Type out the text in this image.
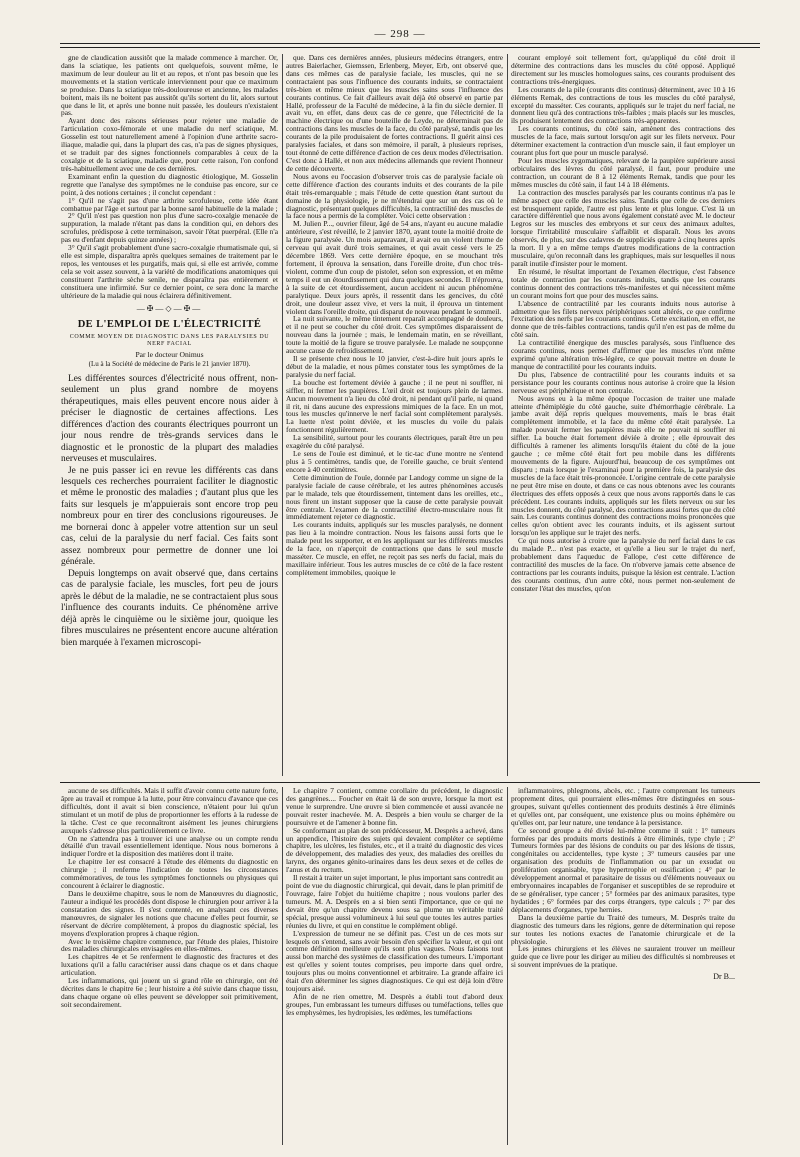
— 298 —

gne de claudication aussitôt que la malade commence à marcher. Or, dans la sciatique, les patients ont quelquefois, souvent même, le maximum de leur douleur au lit et au repos, et n'ont pas besoin que les mouvements et la station verticale interviennent pour que ce maximum se produise. Dans la sciatique très-douloureuse et ancienne, les malades boitent, mais ils ne boitent pas aussitôt qu'ils sortent du lit, alors surtout que dans le lit, et après une bonne nuit passée, les douleurs n'existaient pas.

Ayant donc des raisons sérieuses pour rejeter une maladie de l'articulation coxo-fémorale et une maladie du nerf sciatique, M. Gosselin est tout naturellement amené à l'opinion d'une arthrite sacro-iliaque, maladie qui, dans la plupart des cas, n'a pas de signes physiques, et se traduit par des signes fonctionnels comparables à ceux de la coxalgie et de la sciatique, maladie que, pour cette raison, l'on confond très-habituellement avec une de ces dernières.

Examinant enfin la question du diagnostic étiologique, M. Gosselin regrette que l'analyse des symptômes ne le conduise pas encore, sur ce point, à des notions certaines ; il conclut cependant :

1° Qu'il ne s'agit pas d'une arthrite scrofuleuse, cette idée étant combattue par l'âge et surtout par la bonne santé habituelle de la malade ;

2° Qu'il n'est pas question non plus d'une sacro-coxalgie menacée de suppuration, la malade n'étant pas dans la condition qui, en dehors des scrofules, prédispose à cette terminaison, savoir l'état puerpéral. (Elle n'a pas eu d'enfant depuis quinze années) ;

3° Qu'il s'agit probablement d'une sacro-coxalgie rhumatismale qui, si elle est simple, disparaîtra après quelques semaines de traitement par le repos, les ventouses et les purgatifs, mais qui, si elle est arrivée, comme cela se voit assez souvent, à la variété de modifications anatomiques qui constituent l'arthrite sèche senile, ne disparaîtra pas entièrement et constituera une infirmité. Sur ce dernier point, ce sera donc la marche ultérieure de la maladie qui nous éclairera définitivement.

—✠—◇—✠—
DE L'EMPLOI DE L'ÉLECTRICITÉ
COMME MOYEN DE DIAGNOSTIC DANS LES PARALYSIES DU NERF FACIAL
Par le docteur Onimus
(Lu à la Société de médecine de Paris le 21 janvier 1870).

Les différentes sources d'électricité nous offrent, non-seulement un plus grand nombre de moyens thérapeutiques, mais elles peuvent encore nous aider à préciser le diagnostic de certaines affections. Les différences d'action des courants électriques pourront un jour nous rendre de très-grands services dans le diagnostic et le pronostic de la plupart des maladies nerveuses et musculaires.

Je ne puis passer ici en revue les différents cas dans lesquels ces recherches pourraient faciliter le diagnostic et même le pronostic des maladies ; d'autant plus que les faits sur lesquels je m'appuierais sont encore trop peu nombreux pour en tirer des conclusions rigoureuses. Je me bornerai donc à appeler votre attention sur un seul cas, celui de la paralysie du nerf facial. Ces faits sont assez nombreux pour permettre de donner une loi générale.

Depuis longtemps on avait observé que, dans certains cas de paralysie faciale, les muscles, fort peu de jours après le début de la maladie, ne se contractaient plus sous l'influence des courants induits. Ce phénomène arrive déjà après le cinquième ou le sixième jour, quoique les fibres musculaires ne présentent encore aucune altération bien marquée à l'examen microscopi-

que. Dans ces dernières années, plusieurs médecins étrangers, entre autres Baierlacher, Giemssen, Erlenberg, Meyer, Erb, ont observé que, dans ces mêmes cas de paralysie faciale, les muscles, qui ne se contractaient pas sous l'influence des courants induits, se contractaient très-bien et même mieux que les muscles sains sous l'influence des courants continus. Ce fait d'ailleurs avait déjà été observé en partie par Hallé, professeur de la Faculté de médecine, à la fin du siècle dernier. Il avait vu, en effet, dans deux cas de ce genre, que l'électricité de la machine électrique ou d'une bouteille de Leyde, ne déterminait pas de contractions dans les muscles de la face, du côté paralysé, tandis que les courants de la pile produisaient de fortes contractions. Il guérit ainsi ces paralysies faciales, et dans son mémoire, il paraît, à plusieurs reprises, tout étonné de cette différence d'action de ces deux modes d'électrisation. C'est donc à Hallé, et non aux médecins allemands que revient l'honneur de cette découverte.

Nous avons eu l'occasion d'observer trois cas de paralysie faciale où cette différence d'action des courants induits et des courants de la pile était très-remarquable ; mais l'étude de cette question étant surtout du domaine de la physiologie, je ne m'étendrai que sur un des cas où le diagnostic, présentant quelques difficultés, la contractilité des muscles de la face nous a permis de la compléter. Voici cette observation :

M. Julien P..., ouvrier fileur, âgé de 54 ans, n'ayant eu aucune maladie antérieure, s'est réveillé, le 2 janvier 1870, ayant toute la moitié droite de la figure paralysée. Un mois auparavant, il avait eu un violent rhume de cerveau qui avait duré trois semaines, et qui avait cessé vers le 25 décembre 1869. Vers cette dernière époque, en se mouchant très fortement, il éprouva la sensation, dans l'oreille droite, d'un choc très-violent, comme d'un coup de pistolet, selon son expression, et en même temps il eut un étourdissement qui dura quelques secondes. Il n'éprouva, à la suite de cet étourdissement, aucun accident ni aucun phénomène paralytique. Deux jours après, il ressentit dans les gencives, du côté droit, une douleur assez vive, et vers la nuit, il éprouva un tintement violent dans l'oreille droite, qui disparut de nouveau pendant le sommeil.

La nuit suivante, le même tintement reparaît accompagné de douleurs, et il ne peut se coucher du côté droit. Ces symptômes disparaissent de nouveau dans la journée ; mais, le lendemain matin, en se réveillant, toute la moitié de la figure se trouve paralysée. Le malade ne soupçonne aucune cause de refroidissement.

Il se présente chez nous le 10 janvier, c'est-à-dire huit jours après le début de la maladie, et nous pûmes constater tous les symptômes de la paralysie du nerf facial.

La bouche est fortement déviée à gauche ; il ne peut ni souffler, ni siffler, ni fermer les paupières. L'œil droit est toujours plein de larmes. Aucun mouvement n'a lieu du côté droit, ni pendant qu'il parle, ni quand il rit, ni dans aucune des expressions mimiques de la face. En un mot, tous les muscles qu'innerve le nerf facial sont complètement paralysés. La luette n'est point déviée, et les muscles du voile du palais fonctionnent régulièrement.

La sensibilité, surtout pour les courants électriques, paraît être un peu exagérée du côté paralysé.

Le sens de l'ouïe est diminué, et le tic-tac d'une montre ne s'entend plus à 5 centimètres, tandis que, de l'oreille gauche, ce bruit s'entend encore à 40 centimètres.

Cette diminution de l'ouïe, donnée par Landogy comme un signe de la paralysie faciale de cause cérébrale, et les autres phénomènes accusés par le malade, tels que étourdissement, tintement dans les oreilles, etc., nous firent un instant supposer que la cause de cette paralysie pouvait être centrale. L'examen de la contractilité électro-musculaire nous fit immédiatement rejeter ce diagnostic.

Les courants induits, appliqués sur les muscles paralysés, ne donnent pas lieu à la moindre contraction. Nous les faisons aussi forts que le malade peut les supporter, et en les appliquant sur les différents muscles de la face, on n'aperçoit de contractions que dans le seul muscle masséter. Ce muscle, en effet, ne reçoit pas ses nerfs du facial, mais du maxillaire inférieur. Tous les autres muscles de ce côté de la face restent complètement immobiles, quoique le

courant employé soit tellement fort, qu'appliqué du côté droit il détermine des contractions dans les muscles du côté opposé. Appliqué directement sur les muscles homologues sains, ces courants produisent des contractions très-énergiques.

Les courants de la pile (courants dits continus) déterminent, avec 10 à 16 éléments Remak, des contractions de tous les muscles du côté paralysé, excepté du masséter. Ces courants, appliqués sur le trajet du nerf facial, ne donnent lieu qu'à des contractions très-faibles ; mais placés sur les muscles, ils produisent lentement des contractions très-apparentes.

Les courants continus, du côté sain, amènent des contractions des muscles de la face, mais surtout lorsqu'on agit sur les filets nerveux. Pour déterminer exactement la contraction d'un muscle sain, il faut employer un courant plus fort que pour un muscle paralysé.

Pour les muscles zygomatiques, relevant de la paupière supérieure aussi orbiculaires des lèvres du côté paralysé, il faut, pour produire une contraction, un courant de 8 à 12 éléments Remak, tandis que pour les mêmes muscles du côté sain, il faut 14 à 18 éléments.

La contraction des muscles paralysés par les courants continus n'a pas le même aspect que celle des muscles sains. Tandis que celle de ces derniers est brusquement rapide, l'autre est plus lente et plus longue. C'est là un caractère différentiel que nous avons également constaté avec M. le docteur Legros sur les muscles des embryons et sur ceux des animaux adultes, lorsque l'irritabilité musculaire s'affaiblit et disparaît. Nous les avons observés, de plus, sur des cadavres de suppliciés quatre à cinq heures après la mort. Il y a en même temps d'autres modifications de la contraction musculaire, qu'on reconnaît dans les graphiques, mais sur lesquelles il nous paraît inutile d'insister pour le moment.

En résumé, le résultat important de l'examen électrique, c'est l'absence totale de contraction par les courants induits, tandis que les courants continus donnent des contractions très-manifestes et qui nécessitent même un courant moins fort que pour des muscles sains.

L'absence de contractilité par les courants induits nous autorise à admettre que les filets nerveux périphériques sont altérés, ce que confirme l'excitation des nerfs par les courants continus. Cette excitation, en effet, ne donne que de très-faibles contractions, tandis qu'il n'en est pas de même du côté sain.

La contractilité énergique des muscles paralysés, sous l'influence des courants continus, nous permet d'affirmer que les muscles n'ont même exprimé qu'une altération très-légère, ce que pouvait mettre en doute le manque de contractilité pour les courants induits.

Du plus, l'absence de contractilité pour les courants induits et sa persistance pour les courants continus nous autorise à croire que la lésion nerveuse est périphérique et non centrale.

Nous avons eu à la même époque l'occasion de traiter une malade atteinte d'hémiplégie du côté gauche, suite d'hémorrhagie cérébrale. La jambe avait déjà repris quelques mouvements, mais le bras était complètement immobile, et la face du même côté était paralysée. La malade pouvait fermer les paupières mais elle ne pouvait ni souffler ni siffler. La bouche était fortement déviée à droite ; elle éprouvait des difficultés à ramener les aliments lorsqu'ils étaient du côté de la joue gauche ; ce même côté était fort peu mobile dans les différents mouvements de la figure. Aujourd'hui, beaucoup de ces symptômes ont disparu ; mais lorsque je l'examinai pour la première fois, la paralysie des muscles de la face était très-prononcée. L'origine centrale de cette paralysie ne peut être mise en doute, et dans ce cas nous obtenons avec les courants électriques des effets opposés à ceux que nous avons rapportés dans le cas précédent. Les courants induits, appliqués sur les filets nerveux ou sur les muscles donnent, du côté paralysé, des contractions aussi fortes que du côté sain. Les courants continus donnent des contractions moins prononcées que celles qu'on obtient avec les courants induits, et ils agissent surtout lorsqu'on les applique sur le trajet des nerfs.

Ce qui nous autorise à croire que la paralysie du nerf facial dans le cas du malade P... n'est pas exacte, et qu'elle a lieu sur le trajet du nerf, probablement dans l'aqueduc de Fallope, c'est cette différence de contractilité des muscles de la face. On n'obverve jamais cette absence de contractions par les courants induits, puisque la lésion est centrale. L'action des courants continus, d'un autre côté, nous permet non-seulement de constater l'état des muscles, qu'on

aucune de ses difficultés. Mais il suffit d'avoir connu cette nature forte, âpre au travail et rompue à la lutte, pour être convaincu d'avance que ces difficultés, dont il avait si bien conscience, n'étaient pour lui qu'un stimulant et un motif de plus de proportionner les efforts à la rudesse de la tâche. C'est ce que reconnaîtront aisément les jeunes chirurgiens auxquels s'adresse plus particulièrement ce livre.

On ne s'attendra pas à trouver ici une analyse ou un compte rendu détaillé d'un travail essentiellement identique. Nous nous bornerons à indiquer l'ordre et la disposition des matières dont il traite.

Le chapitre 1er est consacré à l'étude des éléments du diagnostic en chirurgie ; il renferme l'indication de toutes les circonstances commémoratives, de tous les symptômes fonctionnels ou physiques qui concourent à éclairer le diagnostic.

Dans le deuxième chapitre, sous le nom de Manœuvres du diagnostic, l'auteur a indiqué les procédés dont dispose le chirurgien pour arriver à la constatation des signes. Il s'est contenté, en analysant ces diverses manœuvres, de signaler les notions que chacune d'elles peut fournir, se réservant de décrire complètement, à propos du diagnostic spécial, les moyens d'exploration propres à chaque région.

Avec le troisième chapitre commence, par l'étude des plaies, l'histoire des maladies chirurgicales envisagées en elles-mêmes.

Les chapitres 4e et 5e renferment le diagnostic des fractures et des luxations qu'il a fallu caractériser aussi dans chaque os et dans chaque articulation.

Les inflammations, qui jouent un si grand rôle en chirurgie, ont été décrites dans le chapitre 6e ; leur histoire a été suivie dans chaque tissu, dans chaque organe où elles peuvent se développer soit primitivement, soit secondairement.

Le chapitre 7 contient, comme corollaire du précédent, le diagnostic des gangrènes.... Foucher en était là de son œuvre, lorsque la mort est venue le surprendre. Une œuvre si bien commencée et aussi avancée ne pouvait rester inachevée. M. A. Desprès a bien voulu se charger de la poursuivre et de l'amener à bonne fin.

Se conformant au plan de son prédécesseur, M. Desprès a achevé, dans un appendice, l'histoire des sujets qui devaient compléter ce septième chapitre, les ulcères, les fistules, etc., et il a traité du diagnostic des vices de développement, des maladies des yeux, des maladies des oreilles du larynx, des organes génito-urinaires dans les deux sexes et de celles de l'anus et du rectum.

Il restait à traiter un sujet important, le plus important sans contredit au point de vue du diagnostic chirurgical, qui devait, dans le plan primitif de l'ouvrage, faire l'objet du huitième chapitre ; nous voulons parler des tumeurs. M. A. Desprès en a si bien senti l'importance, que ce qui ne devait être qu'un chapitre devenu sous sa plume un véritable traité spécial, presque aussi volumineux à lui seul que toutes les autres parties réunies du livre, et qui en constitue le complément obligé.

L'expression de tumeur ne se définit pas. C'est un de ces mots sur lesquels on s'entend, sans avoir besoin d'en spécifier la valeur, et qui ont comme définition meilleure qu'ils sont plus vagues. Nous faisons tout aussi bon marché des systèmes de classification des tumeurs. L'important est qu'elles y soient toutes comprises, peu importe dans quel ordre, toujours plus ou moins conventionnel et arbitraire. La grande affaire ici était d'en déterminer les signes diagnostiques. Ce qui est déjà loin d'être toujours aisé.

Afin de ne rien omettre, M. Desprès a établi tout d'abord deux groupes, l'un embrassant les tumeurs diffuses ou tuméfactions, telles que les emphysèmes, les hydropisies, les œdèmes, les tuméfactions

inflammatoires, phlegmons, abcès, etc. ; l'autre comprenant les tumeurs proprement dites, qui pourraient elles-mêmes être distinguées en sous-groupes, suivant qu'elles contiennent des produits destinés à être éliminés et qu'elles ont, par conséquent, une existence plus ou moins éphémère ou qu'elles ont, par leur nature, une tendance à la persistance.

Ce second groupe a été divisé lui-même comme il suit : 1° tumeurs formées par des produits morts destinés à être éliminés, type chyle ; 2° Tumeurs formées par des lésions de conduits ou par des lésions de tissus, congénitales ou accidentelles, type kyste ; 3° tumeurs causées par une organisation des produits de l'inflammation ou par un exsudat ou prolifération organisable, type hypertrophie et ossification ; 4° par le développement anormal et parasitaire de tissus ou d'éléments nouveaux ou embryonnaires incapables de l'organiser et susceptibles de se reproduire et de se généraliser, type cancer ; 5° formées par des animaux parasites, type hydatides ; 6° formées par des corps étrangers, type calculs ; 7° par des déplacements d'organes, type hernies.

Dans la deuxième partie du Traité des tumeurs, M. Desprès traite du diagnostic des tumeurs dans les régions, genre de détermination qui repose sur toutes les notions exactes de l'anatomie chirurgicale et de la physiologie.

Les jeunes chirurgiens et les élèves ne sauraient trouver un meilleur guide que ce livre pour les diriger au milieu des difficultés si nombreuses et si souvent imprévues de la pratique.

Dr B...
